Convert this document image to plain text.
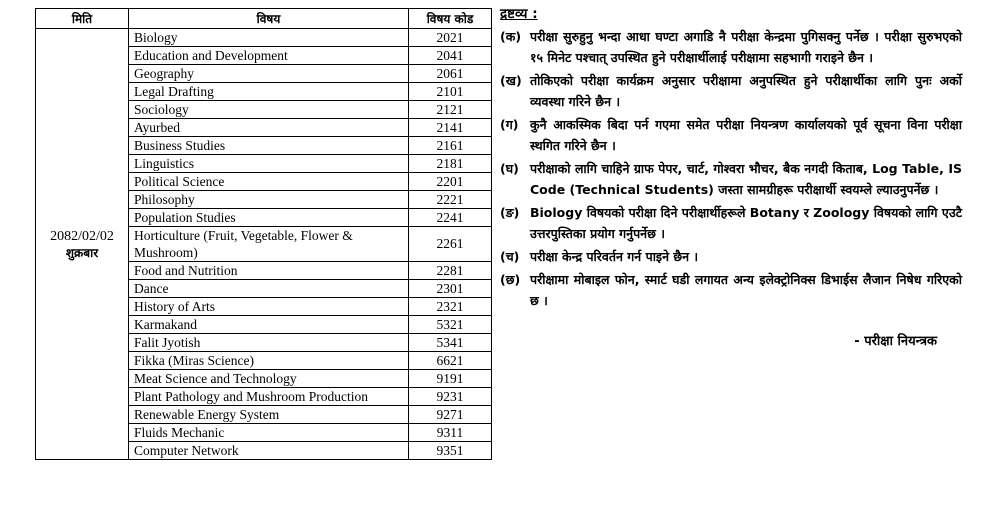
मिति	विषय	विषय कोड

2082/02/02
शुक्रबार	Biology	2021
	Education and Development	2041
	Geography	2061
	Legal Drafting	2101
	Sociology	2121
	Ayurbed	2141
	Business Studies	2161
	Linguistics	2181
	Political Science	2201
	Philosophy	2221
	Population Studies	2241
	Horticulture (Fruit, Vegetable, Flower & Mushroom)	2261
	Food and Nutrition	2281
	Dance	2301
	History of Arts	2321
	Karmakand	5321
	Falit Jyotish	5341
	Fikka (Miras Science)	6621
	Meat Science and Technology	9191
	Plant Pathology and Mushroom Production	9231
	Renewable Energy System	9271
	Fluids Mechanic	9311
	Computer Network	9351
द्रष्टव्य :
(क) परीक्षा सुरुहुनु भन्दा आधा घण्टा अगाडि नै परीक्षा केन्द्रमा पुगिसक्नु पर्नेछ । परीक्षा सुरुभएको १५ मिनेट पश्चात् उपस्थित हुने परीक्षार्थीलाई परीक्षामा सहभागी गराइने छैन ।
(ख) तोकिएको परीक्षा कार्यक्रम अनुसार परीक्षामा अनुपस्थित हुने परीक्षार्थीका लागि पुनः अर्को व्यवस्था गरिने छैन ।
(ग) कुनै आकस्मिक बिदा पर्न गएमा समेत परीक्षा नियन्त्रण कार्यालयको पूर्व सूचना विना परीक्षा स्थगित गरिने छैन ।
(घ) परीक्षाको लागि चाहिने ग्राफ पेपर, चार्ट, गोश्वरा भौचर, बैक नगदी किताब, Log Table, IS Code (Technical Students) जस्ता सामग्रीहरू परीक्षार्थी स्वयम्ले ल्याउनुपर्नेछ ।
(ङ) Biology विषयको परीक्षा दिने परीक्षार्थीहरूले Botany र Zoology विषयको लागि एउटै उत्तरपुस्तिका प्रयोग गर्नुपर्नेछ ।
(च) परीक्षा केन्द्र परिवर्तन गर्न पाइने छैन ।
(छ) परीक्षामा मोबाइल फोन, स्मार्ट घडी लगायत अन्य इलेक्ट्रोनिक्स डिभाईस लैजान निषेध गरिएको छ ।
- परीक्षा नियन्त्रक
